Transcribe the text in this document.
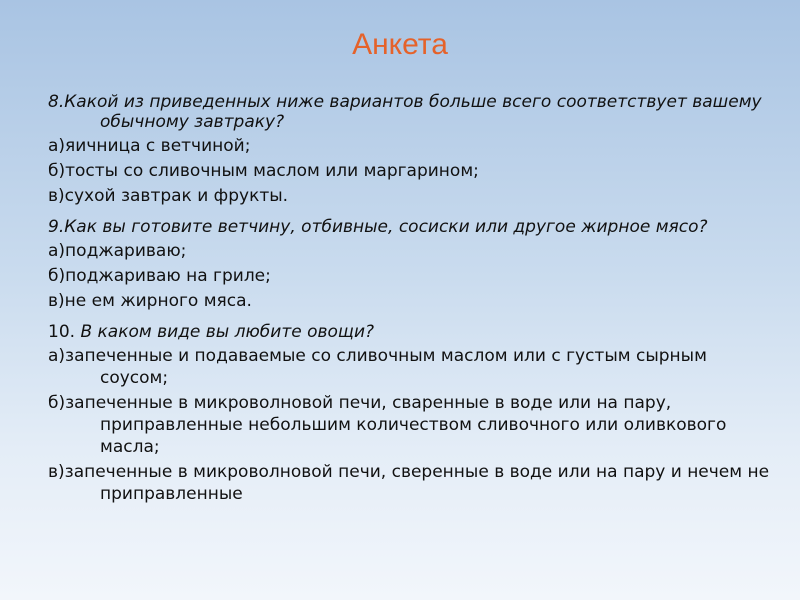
Анкета
8.Какой из приведенных ниже вариантов больше всего соответствует вашему обычному завтраку?
а)яичница с ветчиной;
б)тосты со сливочным маслом или маргарином;
в)сухой завтрак и фрукты.
9.Как вы готовите ветчину, отбивные, сосиски или другое жирное мясо?
а)поджариваю;
б)поджариваю на гриле;
в)не ем жирного мяса.
10. В каком виде вы любите овощи?
а)запеченные и подаваемые со сливочным маслом или с густым сырным соусом;
б)запеченные в микроволновой печи, сваренные в воде или на пару, приправленные небольшим количеством сливочного или оливкового масла;
в)запеченные в микроволновой печи, сверенные в воде или на пару и нечем не приправленные
